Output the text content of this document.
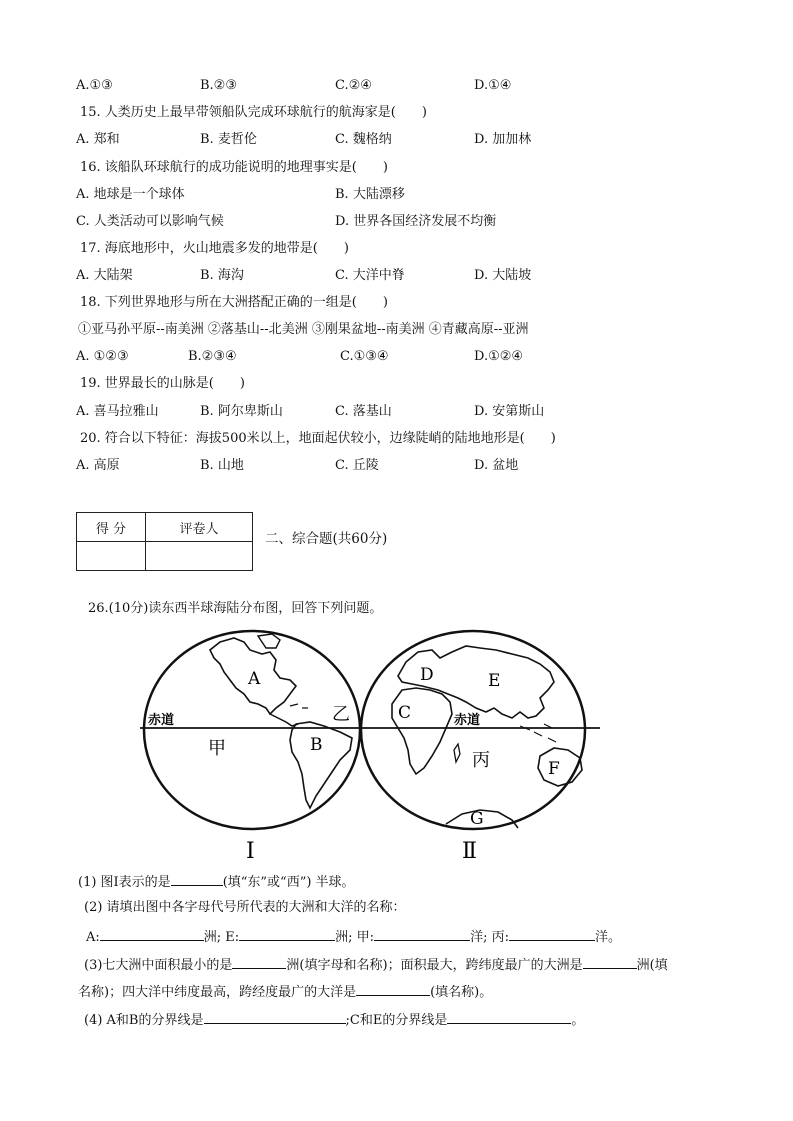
A.①③	B.②③	C.②④	D.①④
15. 人类历史上最早带领船队完成环球航行的航海家是(　　)
A. 郑和	B. 麦哲伦	C. 魏格纳	D. 加加林
16. 该船队环球航行的成功能说明的地理事实是(　　)
A. 地球是一个球体	B. 大陆漂移
C. 人类活动可以影响气候	D. 世界各国经济发展不均衡
17. 海底地形中，火山地震多发的地带是(　　)
A. 大陆架	B. 海沟	C. 大洋中脊	D. 大陆坡
18. 下列世界地形与所在大洲搭配正确的一组是(　　)
①亚马孙平原--南美洲 ②落基山--北美洲 ③刚果盆地--南美洲 ④青藏高原--亚洲
A. ①②③	B.②③④	C.①③④	D.①②④
19. 世界最长的山脉是(　　)
A. 喜马拉雅山	B. 阿尔卑斯山	C. 落基山	D. 安第斯山
20. 符合以下特征：海拔500米以上，地面起伏较小，边缘陡峭的陆地地形是(　　)
A. 高原	B. 山地	C. 丘陵	D. 盆地
得 分	评卷人

二、综合题(共60分)
26.(10分)读东西半球海陆分布图，回答下列问题。
赤道	赤道
A
B
乙
甲
C
D	E
丙	F
G
Ⅰ	Ⅱ
(1) 图Ⅰ表示的是	(填“东”或“西”) 半球。
(2) 请填出图中各字母代号所代表的大洲和大洋的名称：
A:	洲; E:	洲; 甲:	洋; 丙:	洋。
(3)七大洲中面积最小的是	洲(填字母和名称)；面积最大，跨纬度最广的大洲是	洲(填
名称)；四大洋中纬度最高，跨经度最广的大洋是	(填名称)。
(4) A和B的分界线是	;C和E的分界线是	。
